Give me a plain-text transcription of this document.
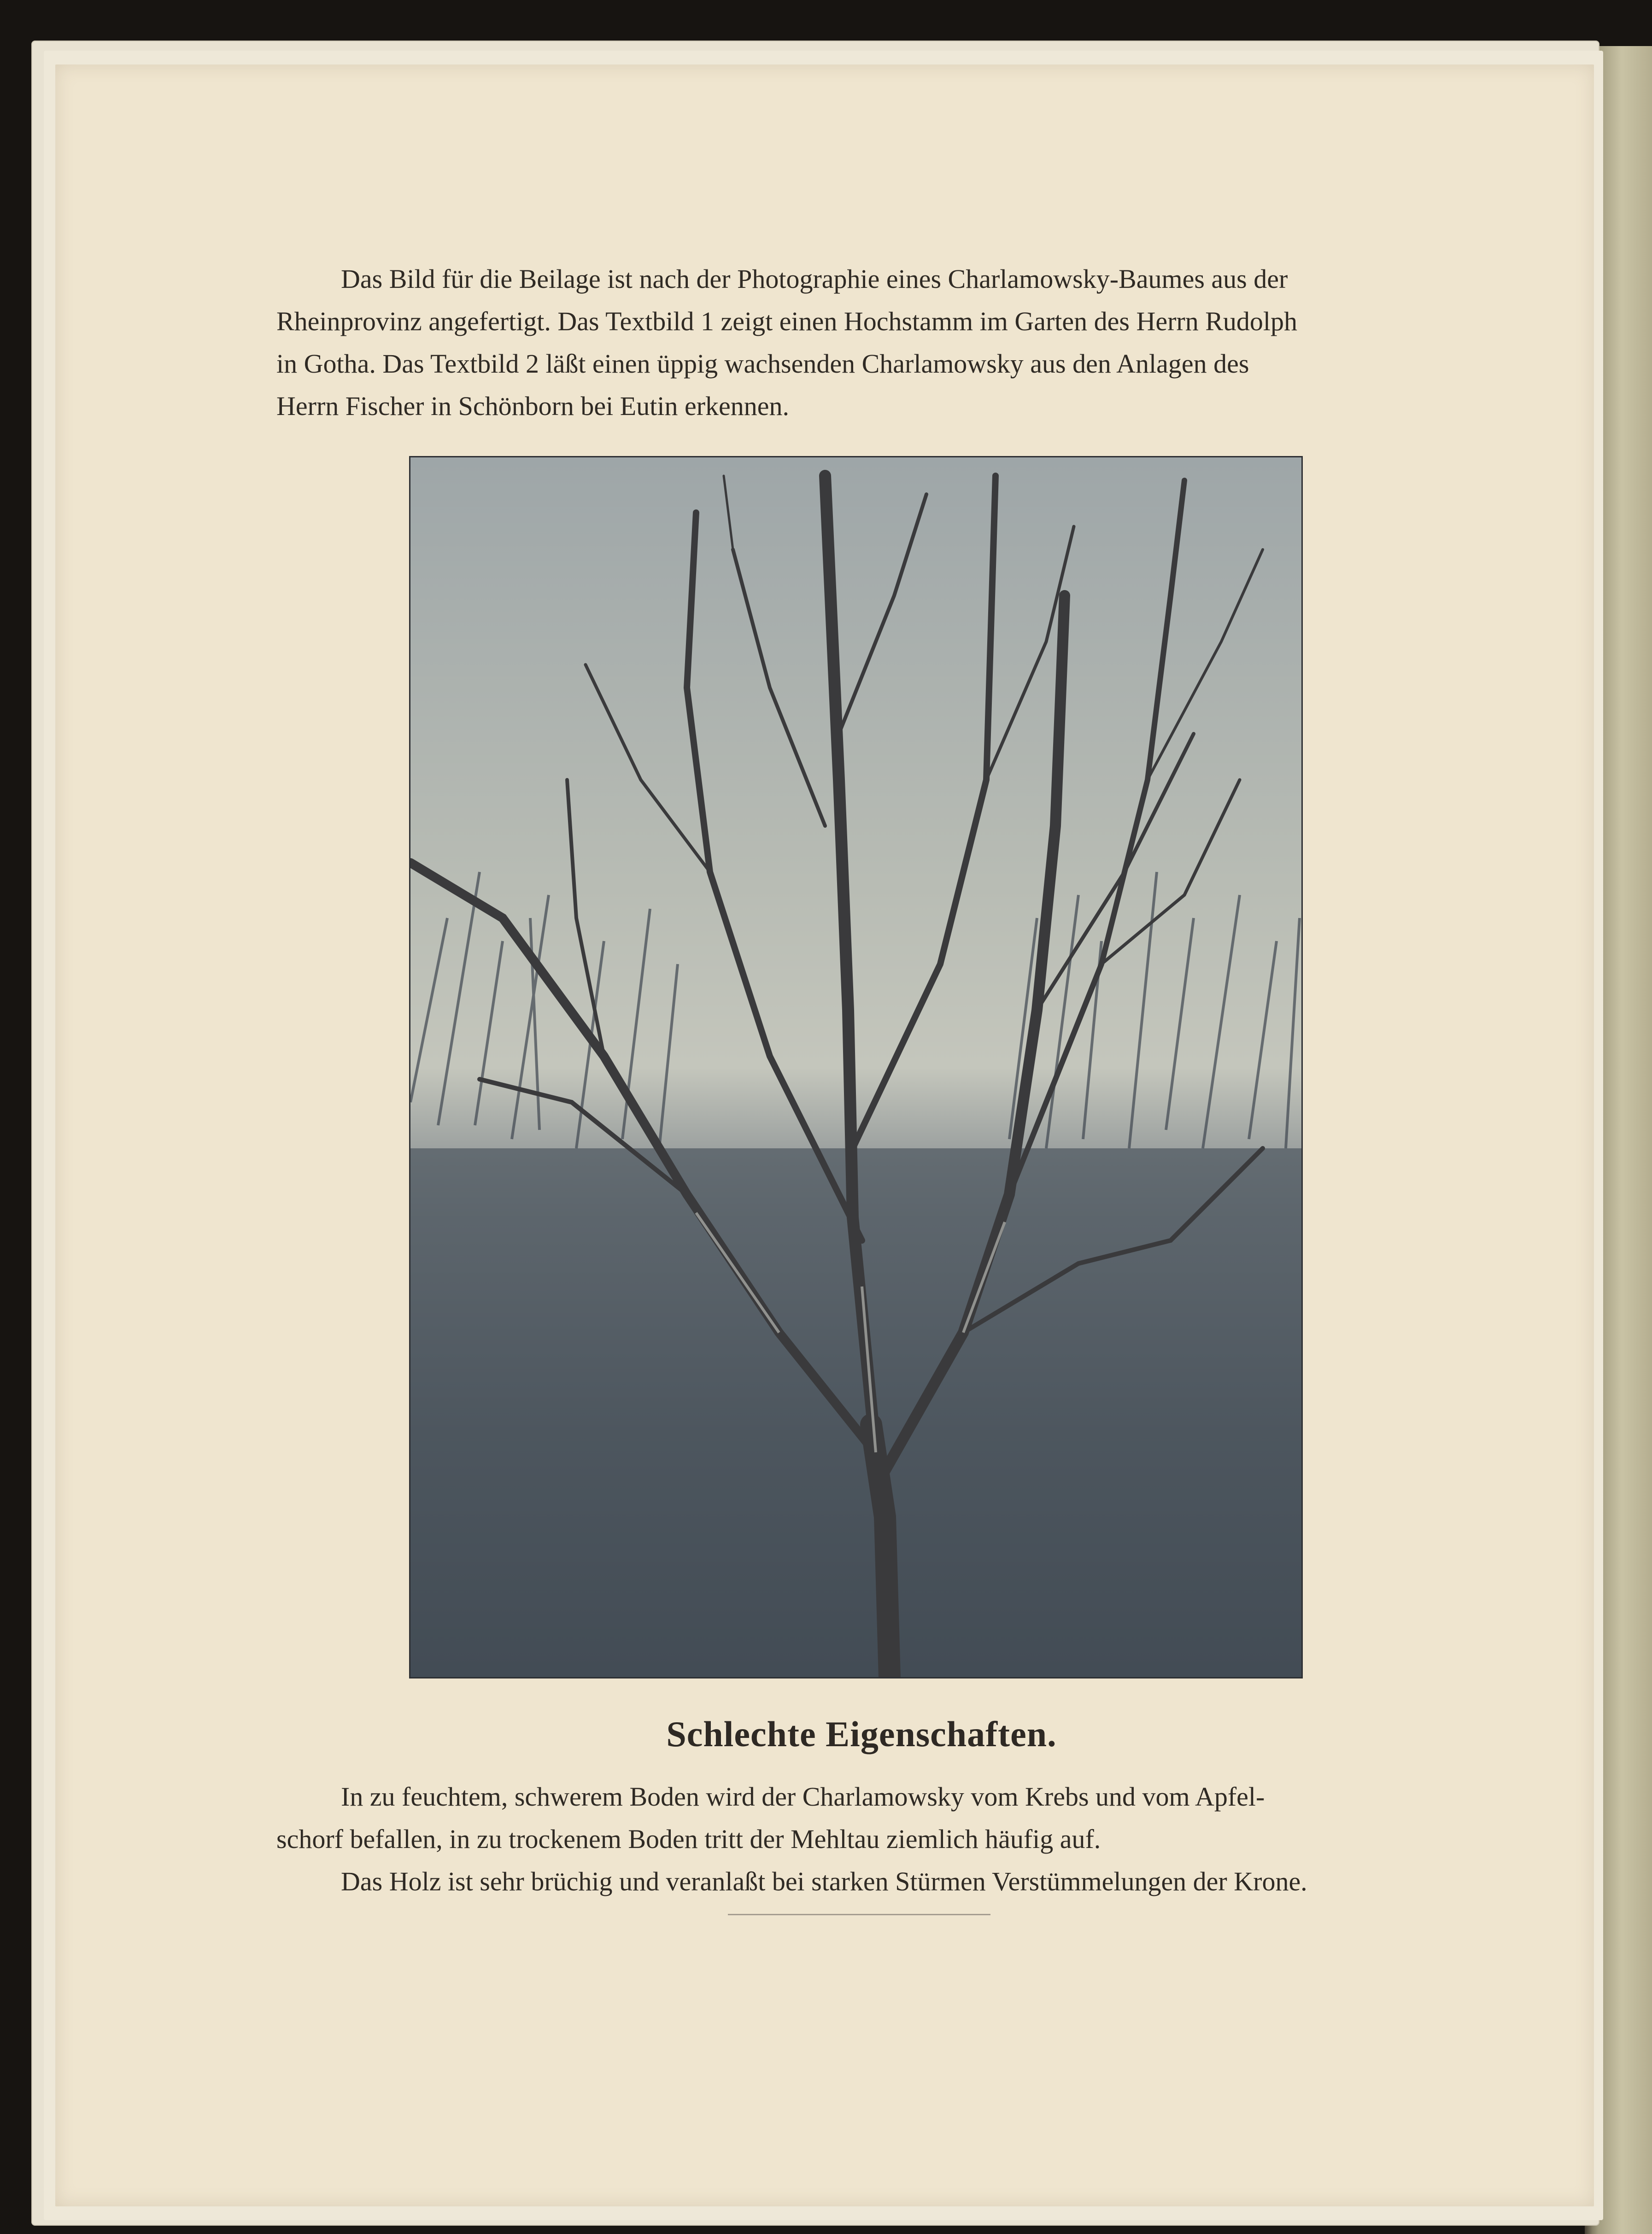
Das Bild für die Beilage ist nach der Photographie eines Charlamowsky-Baumes aus der
Rheinprovinz angefertigt. Das Textbild 1 zeigt einen Hochstamm im Garten des Herrn Rudolph
in Gotha. Das Textbild 2 läßt einen üppig wachsenden Charlamowsky aus den Anlagen des
Herrn Fischer in Schönborn bei Eutin erkennen.
Schlechte Eigenschaften.
In zu feuchtem, schwerem Boden wird der Charlamowsky vom Krebs und vom Apfel-
schorf befallen, in zu trockenem Boden tritt der Mehltau ziemlich häufig auf.
Das Holz ist sehr brüchig und veranlaßt bei starken Stürmen Verstümmelungen der Krone.
